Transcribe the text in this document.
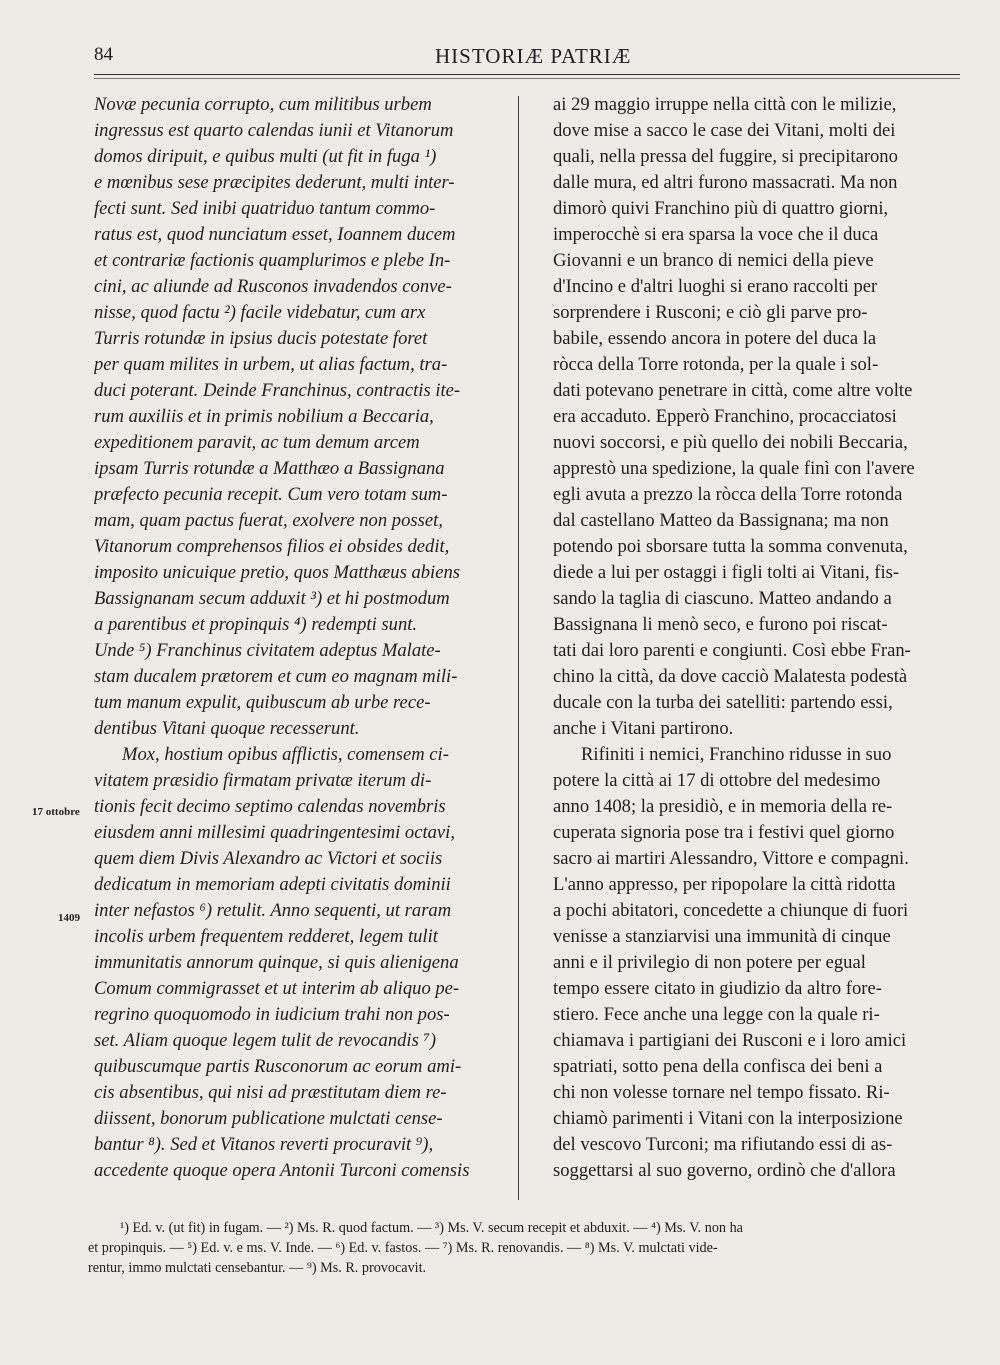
84	HISTORIÆ PATRIÆ
Novæ pecunia corrupto, cum militibus urbem
ingressus est quarto calendas iunii et Vitanorum
domos diripuit, e quibus multi (ut fit in fuga ¹)
e mœnibus sese præcipites dederunt, multi inter-
fecti sunt. Sed inibi quatriduo tantum commo-
ratus est, quod nunciatum esset, Ioannem ducem
et contrariæ factionis quamplurimos e plebe In-
cini, ac aliunde ad Rusconos invadendos conve-
nisse, quod factu ²) facile videbatur, cum arx
Turris rotundæ in ipsius ducis potestate foret
per quam milites in urbem, ut alias factum, tra-
duci poterant. Deinde Franchinus, contractis ite-
rum auxiliis et in primis nobilium a Beccaria,
expeditionem paravit, ac tum demum arcem
ipsam Turris rotundæ a Matthæo a Bassignana
præfecto pecunia recepit. Cum vero totam sum-
mam, quam pactus fuerat, exolvere non posset,
Vitanorum comprehensos filios ei obsides dedit,
imposito unicuique pretio, quos Matthæus abiens
Bassignanam secum adduxit ³) et hi postmodum
a parentibus et propinquis ⁴) redempti sunt.
Unde ⁵) Franchinus civitatem adeptus Malate-
stam ducalem prætorem et cum eo magnam mili-
tum manum expulit, quibuscum ab urbe rece-
dentibus Vitani quoque recesserunt.
Mox, hostium opibus afflictis, comensem ci-
vitatem præsidio firmatam privatæ iterum di-
tionis fecit decimo septimo calendas novembris
eiusdem anni millesimi quadringentesimi octavi,
quem diem Divis Alexandro ac Victori et sociis
dedicatum in memoriam adepti civitatis dominii
inter nefastos ⁶) retulit. Anno sequenti, ut raram
incolis urbem frequentem redderet, legem tulit
immunitatis annorum quinque, si quis alienigena
Comum commigrasset et ut interim ab aliquo pe-
regrino quoquomodo in iudicium trahi non pos-
set. Aliam quoque legem tulit de revocandis ⁷)
quibuscumque partis Rusconorum ac eorum ami-
cis absentibus, qui nisi ad præstitutam diem re-
diissent, bonorum publicatione mulctati cense-
bantur ⁸). Sed et Vitanos reverti procuravit ⁹),
accedente quoque opera Antonii Turconi comensis
ai 29 maggio irruppe nella città con le milizie,
dove mise a sacco le case dei Vitani, molti dei
quali, nella pressa del fuggire, si precipitarono
dalle mura, ed altri furono massacrati. Ma non
dimorò quivi Franchino più di quattro giorni,
imperocchè si era sparsa la voce che il duca
Giovanni e un branco di nemici della pieve
d'Incino e d'altri luoghi si erano raccolti per
sorprendere i Rusconi; e ciò gli parve pro-
babile, essendo ancora in potere del duca la
ròcca della Torre rotonda, per la quale i sol-
dati potevano penetrare in città, come altre volte
era accaduto. Epperò Franchino, procacciatosi
nuovi soccorsi, e più quello dei nobili Beccaria,
apprestò una spedizione, la quale finì con l'avere
egli avuta a prezzo la ròcca della Torre rotonda
dal castellano Matteo da Bassignana; ma non
potendo poi sborsare tutta la somma convenuta,
diede a lui per ostaggi i figli tolti ai Vitani, fis-
sando la taglia di ciascuno. Matteo andando a
Bassignana li menò seco, e furono poi riscat-
tati dai loro parenti e congiunti. Così ebbe Fran-
chino la città, da dove cacciò Malatesta podestà
ducale con la turba dei satelliti: partendo essi,
anche i Vitani partirono.
Rifiniti i nemici, Franchino ridusse in suo
potere la città ai 17 di ottobre del medesimo
anno 1408; la presidiò, e in memoria della re-
cuperata signoria pose tra i festivi quel giorno
sacro ai martiri Alessandro, Vittore e compagni.
L'anno appresso, per ripopolare la città ridotta
a pochi abitatori, concedette a chiunque di fuori
venisse a stanziarvisi una immunità di cinque
anni e il privilegio di non potere per egual
tempo essere citato in giudizio da altro fore-
stiero. Fece anche una legge con la quale ri-
chiamava i partigiani dei Rusconi e i loro amici
spatriati, sotto pena della confisca dei beni a
chi non volesse tornare nel tempo fissato. Ri-
chiamò parimenti i Vitani con la interposizione
del vescovo Turconi; ma rifiutando essi di as-
soggettarsi al suo governo, ordinò che d'allora
17 ottobre
1409
¹) Ed. v. (ut fit) in fugam. — ²) Ms. R. quod factum. — ³) Ms. V. secum recepit et abduxit. — ⁴) Ms. V. non ha
et propinquis. — ⁵) Ed. v. e ms. V. Inde. — ⁶) Ed. v. fastos. — ⁷) Ms. R. renovandis. — ⁸) Ms. V. mulctati vide-
rentur, immo mulctati censebantur. — ⁹) Ms. R. provocavit.
